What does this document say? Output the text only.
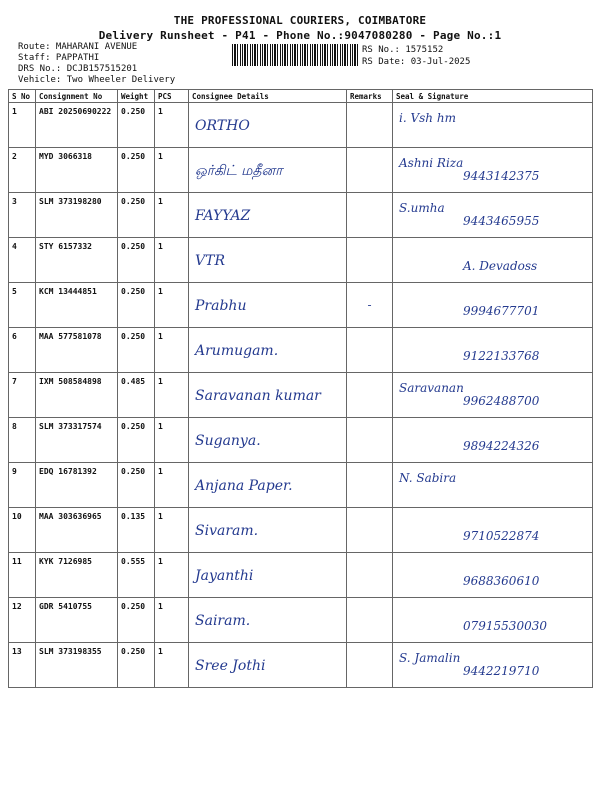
THE PROFESSIONAL COURIERS, COIMBATORE
Delivery Runsheet - P41 - Phone No.:9047080280 - Page No.:1
Route: MAHARANI AVENUE
Staff: PAPPATHI
DRS No.: DCJB157515201
Vehicle: Two Wheeler Delivery
RS No.: 1575152
RS Date: 03-Jul-2025
S No	Consignment No	Weight	PCS	Consignee Details	Remarks	Seal & Signature
1	ABI 20250690222	0.250	1	ORTHO		i. Vsh hm

2	MYD 3066318	0.250	1	ஒர்கிட் மதீனா		Ashni Riza
9443142375

3	SLM 373198280	0.250	1	FAYYAZ		S.umha
9443465955

4	STY 6157332	0.250	1	VTR		A. Devadoss

5	KCM 13444851	0.250	1	Prabhu	-	9994677701

6	MAA 577581078	0.250	1	Arumugam.		9122133768

7	IXM 508584898	0.485	1	Saravanan kumar		Saravanan
9962488700

8	SLM 373317574	0.250	1	Suganya.		9894224326

9	EDQ 16781392	0.250	1	Anjana Paper.		N. Sabira

10	MAA 303636965	0.135	1	Sivaram.		9710522874

11	KYK 7126985	0.555	1	Jayanthi		9688360610

12	GDR 5410755	0.250	1	Sairam.		07915530030

13	SLM 373198355	0.250	1	Sree Jothi		S. Jamalin
9442219710
